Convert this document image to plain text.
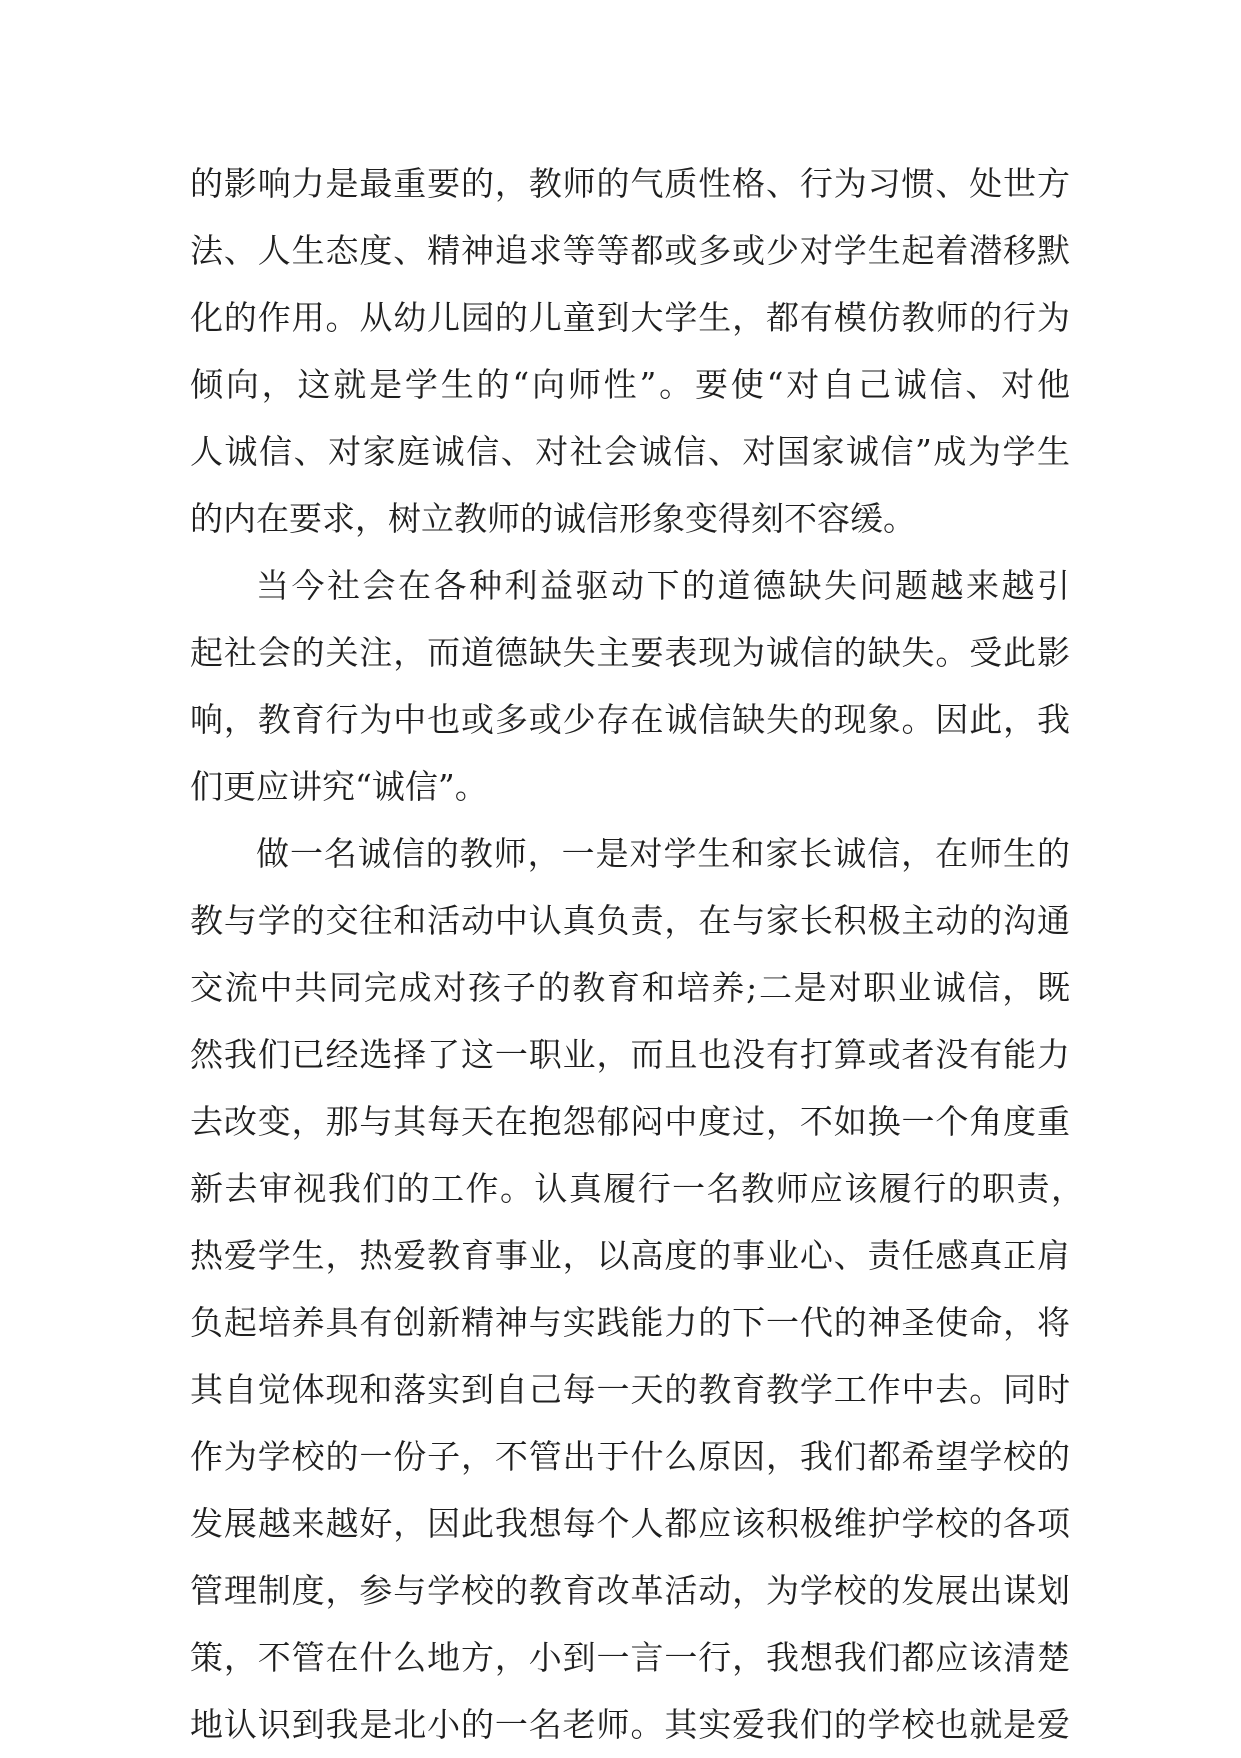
的影响力是最重要的，教师的气质性格、行为习惯、处世方
法、人生态度、精神追求等等都或多或少对学生起着潜移默
化的作用。从幼儿园的儿童到大学生，都有模仿教师的行为
倾向，这就是学生的“向师性”。要使“对自己诚信、对他
人诚信、对家庭诚信、对社会诚信、对国家诚信”成为学生
的内在要求，树立教师的诚信形象变得刻不容缓。
当今社会在各种利益驱动下的道德缺失问题越来越引
起社会的关注，而道德缺失主要表现为诚信的缺失。受此影
响，教育行为中也或多或少存在诚信缺失的现象。因此，我
们更应讲究“诚信”。
做一名诚信的教师，一是对学生和家长诚信，在师生的
教与学的交往和活动中认真负责，在与家长积极主动的沟通
交流中共同完成对孩子的教育和培养;二是对职业诚信，既
然我们已经选择了这一职业，而且也没有打算或者没有能力
去改变，那与其每天在抱怨郁闷中度过，不如换一个角度重
新去审视我们的工作。认真履行一名教师应该履行的职责，
热爱学生，热爱教育事业，以高度的事业心、责任感真正肩
负起培养具有创新精神与实践能力的下一代的神圣使命，将
其自觉体现和落实到自己每一天的教育教学工作中去。同时
作为学校的一份子，不管出于什么原因，我们都希望学校的
发展越来越好，因此我想每个人都应该积极维护学校的各项
管理制度，参与学校的教育改革活动，为学校的发展出谋划
策，不管在什么地方，小到一言一行，我想我们都应该清楚
地认识到我是北小的一名老师。其实爱我们的学校也就是爱
